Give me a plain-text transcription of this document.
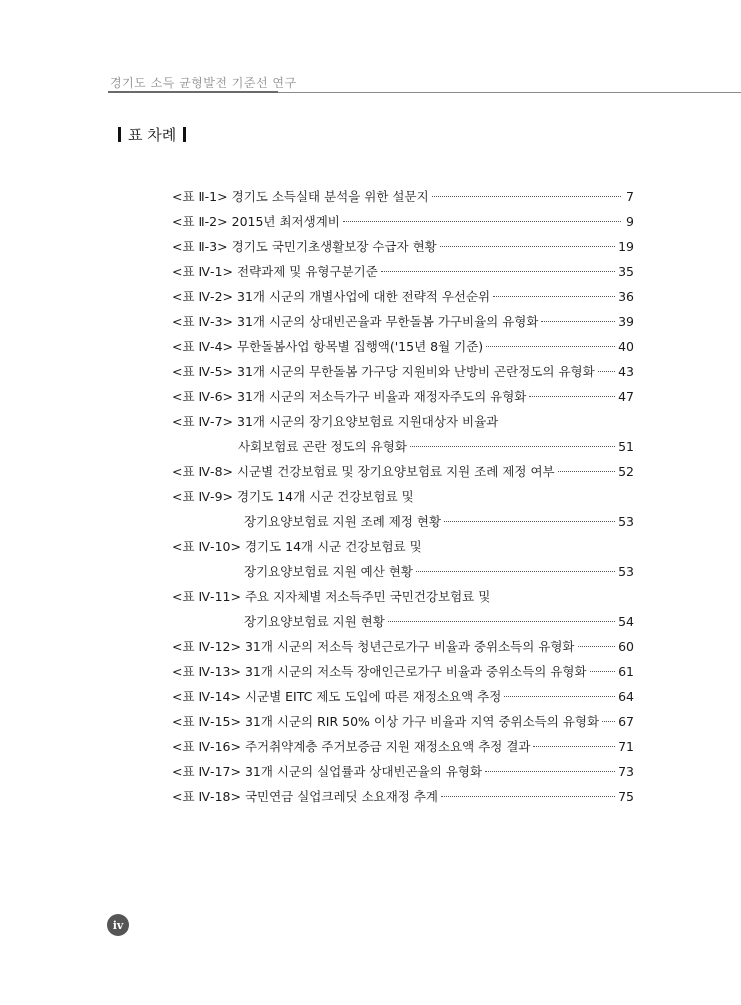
경기도 소득 균형발전 기준선 연구
표 차례
<표 Ⅱ-1> 경기도 소득실태 분석을 위한 설문지	7
<표 Ⅱ-2> 2015년 최저생계비	9
<표 Ⅱ-3> 경기도 국민기초생활보장 수급자 현황	19
<표 Ⅳ-1> 전략과제 및 유형구분기준	35
<표 Ⅳ-2> 31개 시군의 개별사업에 대한 전략적 우선순위	36
<표 Ⅳ-3> 31개 시군의 상대빈곤율과 무한돌봄 가구비율의 유형화	39
<표 Ⅳ-4> 무한돌봄사업 항목별 집행액('15년 8월 기준)	40
<표 Ⅳ-5> 31개 시군의 무한돌봄 가구당 지원비와 난방비 곤란정도의 유형화 43
<표 Ⅳ-6> 31개 시군의 저소득가구 비율과 재정자주도의 유형화	47
<표 Ⅳ-7> 31개 시군의 장기요양보험료 지원대상자 비율과
사회보험료 곤란 정도의 유형화	51
<표 Ⅳ-8> 시군별 건강보험료 및 장기요양보험료 지원 조례 제정 여부	52
<표 Ⅳ-9> 경기도 14개 시군 건강보험료 및
장기요양보험료 지원 조례 제정 현황	53
<표 Ⅳ-10> 경기도 14개 시군 건강보험료 및
장기요양보험료 지원 예산 현황	53
<표 Ⅳ-11> 주요 지자체별 저소득주민 국민건강보험료 및
장기요양보험료 지원 현황	54
<표 Ⅳ-12> 31개 시군의 저소득 청년근로가구 비율과 중위소득의 유형화	60
<표 Ⅳ-13> 31개 시군의 저소득 장애인근로가구 비율과 중위소득의 유형화	61
<표 Ⅳ-14> 시군별 EITC 제도 도입에 따른 재정소요액 추정	64
<표 Ⅳ-15> 31개 시군의 RIR 50% 이상 가구 비율과 지역 중위소득의 유형화 67
<표 Ⅳ-16> 주거취약계층 주거보증금 지원 재정소요액 추정 결과	71
<표 Ⅳ-17> 31개 시군의 실업률과 상대빈곤율의 유형화	73
<표 Ⅳ-18> 국민연금 실업크레딧 소요재정 추계	75
iv
